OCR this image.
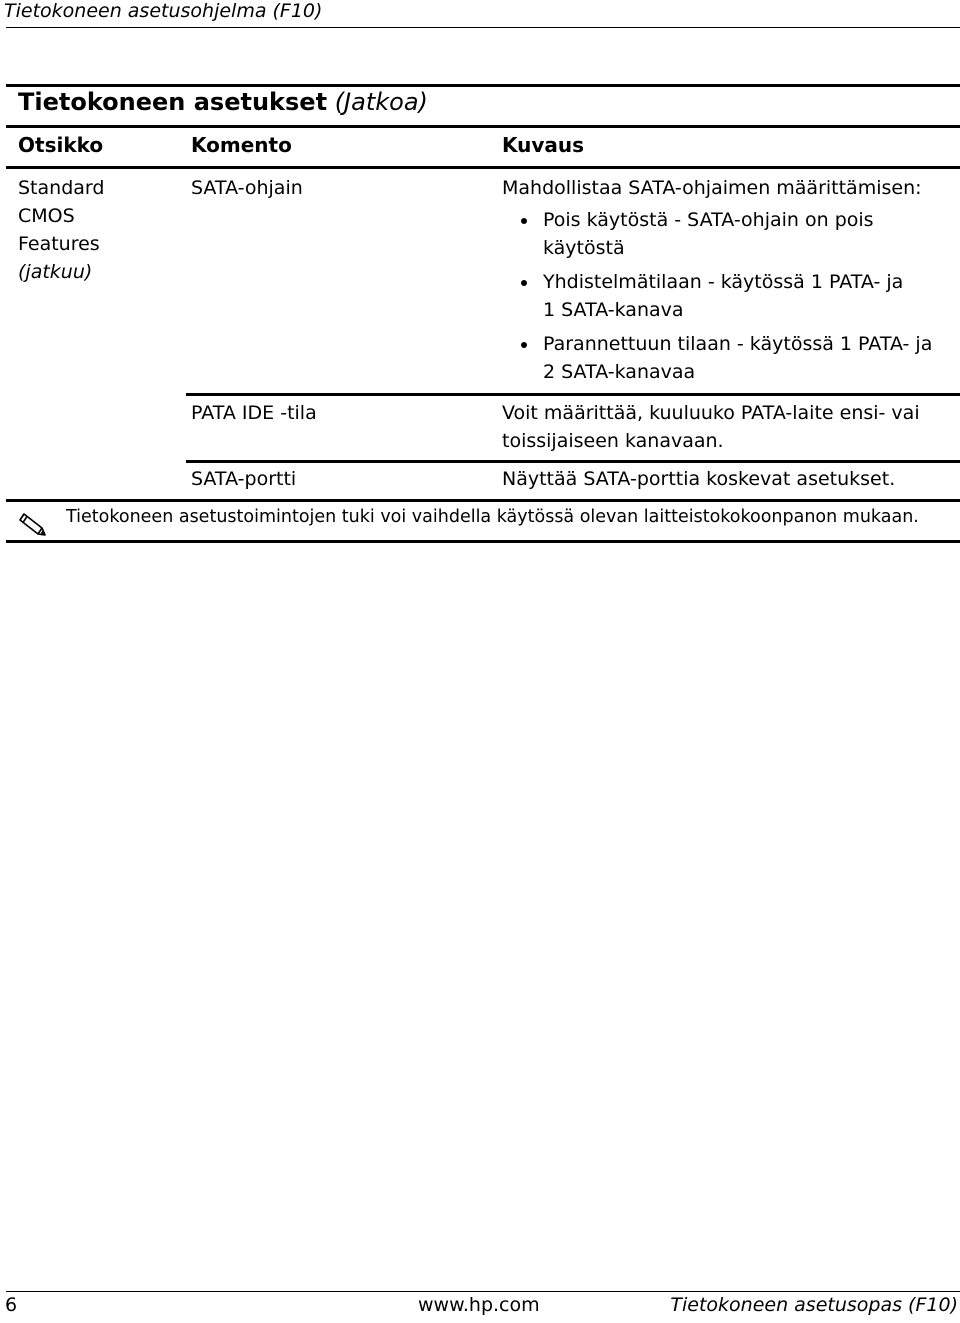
Tietokoneen asetusohjelma (F10)
Tietokoneen asetukset (Jatkoa)
Otsikko	Komento	Kuvaus
Standard
CMOS
Features
(jatkuu)
SATA-ohjain	Mahdollistaa SATA-ohjaimen määrittämisen:
Pois käytöstä - SATA-ohjain on pois
käytöstä
Yhdistelmätilaan - käytössä 1 PATA- ja
1 SATA-kanava
Parannettuun tilaan - käytössä 1 PATA- ja
2 SATA-kanavaa
PATA IDE -tila	Voit määrittää, kuuluuko PATA-laite ensi- vai
toissijaiseen kanavaan.
SATA-portti	Näyttää SATA-porttia koskevat asetukset.
Tietokoneen asetustoimintojen tuki voi vaihdella käytössä olevan laitteistokokoonpanon mukaan.
6	www.hp.com	Tietokoneen asetusopas (F10)
